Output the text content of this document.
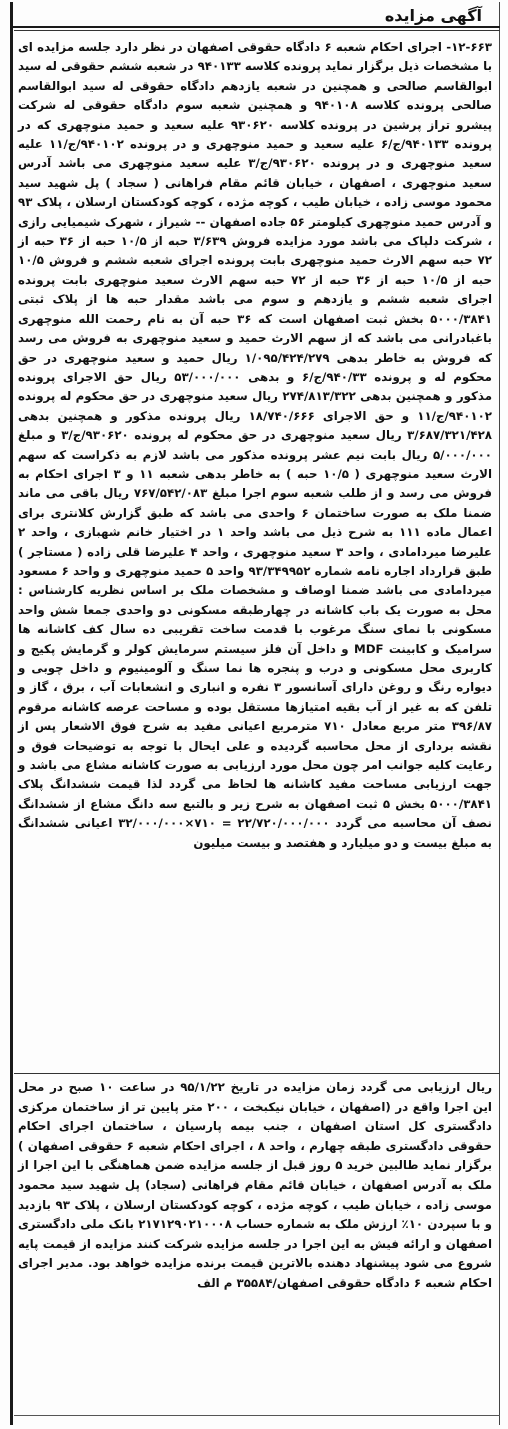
آگهی مزایده
۱۲-۶۶۳- اجرای احکام شعبه ۶ دادگاه حقوقی اصفهان در نظر دارد جلسه مزایده ای با مشخصات ذیل برگزار نماید پرونده کلاسه ۹۴۰۱۳۳ در شعبه ششم حقوقی له سید ابوالقاسم صالحی و همچنین در شعبه یازدهم دادگاه حقوقی له سید ابوالقاسم صالحی پرونده کلاسه ۹۴۰۱۰۸ و همچنین شعبه سوم دادگاه حقوقی له شرکت پیشرو تراز پرشین در پرونده کلاسه ۹۳۰۶۲۰ علیه سعید و حمید منوچهری که در پرونده ۹۴۰۱۳۳/ج/۶ علیه سعید و حمید منوچهری و در پرونده ۹۴۰۱۰۲/ج/۱۱ علیه سعید منوچهری و در پرونده ۹۳۰۶۲۰/ج/۳ علیه سعید منوچهری می باشد آدرس سعید منوچهری ، اصفهان ، خیابان قائم مقام فراهانی ( سجاد ) پل شهید سید محمود موسی زاده ، خیابان طیب ، کوچه مژده ، کوچه کودکستان ارسلان ، پلاک ۹۳ و آدرس حمید منوچهری کیلومتر ۵۶ جاده اصفهان -- شیراز ، شهرک شیمیایی رازی ، شرکت دلپاک می باشد مورد مزایده فروش ۳/۶۳۹ حبه از ۱۰/۵ حبه از ۳۶ حبه از ۷۲ حبه سهم الارث حمید منوچهری بابت پرونده اجرای شعبه ششم و فروش ۱۰/۵ حبه از ۱۰/۵ حبه از ۳۶ حبه از ۷۲ حبه سهم الارث سعید منوچهری بابت پرونده اجرای شعبه ششم و یازدهم و سوم می باشد مقدار حبه ها از پلاک ثبتی ۵۰۰۰/۳۸۴۱ بخش ثبت اصفهان است که ۳۶ حبه آن به نام رحمت الله منوچهری باغبادرانی می باشد که از سهم الارث حمید و سعید منوچهری به فروش می رسد که فروش به خاطر بدهی ۱/۰۹۵/۴۲۴/۲۷۹ ریال حمید و سعید منوچهری در حق محکوم له و پرونده ۹۴۰/۳۳/ج/۶ و بدهی ۵۳/۰۰۰/۰۰۰ ریال حق الاجرای پرونده مذکور و همچنین بدهی ۲۷۴/۸۱۳/۳۲۲ ریال سعید منوچهری در حق محکوم له پرونده ۹۴۰۱۰۲/ج/۱۱ و حق الاجرای ۱۸/۷۴۰/۶۶۶ ریال پرونده مذکور و همچنین بدهی ۳/۶۸۷/۳۲۱/۴۲۸ ریال سعید منوچهری در حق محکوم له پرونده ۹۳۰۶۲۰/ج/۳ و مبلغ ۵/۰۰۰/۰۰۰ ریال بابت نیم عشر پرونده مذکور می باشد لازم به ذکراست که سهم الارث سعید منوچهری ( ۱۰/۵ حبه ) به خاطر بدهی شعبه ۱۱ و ۳ اجرای احکام به فروش می رسد و از طلب شعبه سوم اجرا مبلغ ۷۶۷/۵۴۲/۰۸۳ ریال باقی می ماند ضمنا ملک به صورت ساختمان ۶ واحدی می باشد که طبق گزارش کلانتری برای اعمال ماده ۱۱۱ به شرح ذیل می باشد واحد ۱ در اختیار خانم شهبازی ، واحد ۲ علیرضا میردامادی ، واحد ۳ سعید منوچهری ، واحد ۴ علیرضا قلی زاده ( مستاجر ) طبق قرارداد اجاره نامه شماره ۹۳/۳۴۹۹۵۲ واحد ۵ حمید منوچهری و واحد ۶ مسعود میردامادی می باشد ضمنا اوصاف و مشخصات ملک بر اساس نظریه کارشناس : محل به صورت یک باب کاشانه در چهارطبقه مسکونی دو واحدی جمعا شش واحد مسکونی با نمای سنگ مرغوب با قدمت ساخت تقریبی ده سال کف کاشانه ها سرامیک و کابینت MDF و داخل آن فلز سیستم سرمایش کولر و گرمایش پکیج و کاربری محل مسکونی و درب و پنجره ها نما سنگ و آلومینیوم و داخل چوبی و دیواره رنگ و روغن دارای آسانسور ۳ نفره و انباری و انشعابات آب ، برق ، گاز و تلفن که به غیر از آب بقیه امتیازها مستقل بوده و مساحت عرصه کاشانه مرقوم ۳۹۶/۸۷ متر مربع معادل ۷۱۰ مترمربع اعیانی مفید به شرح فوق الاشعار پس از نقشه برداری از محل محاسبه گردیده و علی ایحال با توجه به توضیحات فوق و رعایت کلیه جوانب امر چون محل مورد ارزیابی به صورت کاشانه مشاع می باشد و جهت ارزیابی مساحت مفید کاشانه ها لحاظ می گردد لذا قیمت ششدانگ پلاک ۵۰۰۰/۳۸۴۱ بخش ۵ ثبت اصفهان به شرح زیر و بالتبع سه دانگ مشاع از ششدانگ نصف آن محاسبه می گردد ۲۲/۷۲۰/۰۰۰/۰۰۰ = ۷۱۰×۳۲/۰۰۰/۰۰۰ اعیانی ششدانگ به مبلغ بیست و دو میلیارد و هفتصد و بیست میلیون
ریال ارزیابی می گردد زمان مزایده در تاریخ ۹۵/۱/۲۲ در ساعت ۱۰ صبح در محل این اجرا واقع در (اصفهان ، خیابان نیکبخت ، ۲۰۰ متر پایین تر از ساختمان مرکزی دادگستری کل استان اصفهان ، جنب بیمه پارسیان ، ساختمان اجرای احکام حقوقی دادگستری طبقه چهارم ، واحد ۸ ، اجرای احکام شعبه ۶ حقوقی اصفهان ) برگزار نماید طالبین خرید ۵ روز قبل از جلسه مزایده ضمن هماهنگی با این اجرا از ملک به آدرس اصفهان ، خیابان قائم مقام فراهانی (سجاد) پل شهید سید محمود موسی زاده ، خیابان طیب ، کوچه مژده ، کوچه کودکستان ارسلان ، پلاک ۹۳ بازدید و با سپردن ۱۰٪ ارزش ملک به شماره حساب ۲۱۷۱۲۹۰۲۱۰۰۰۸ بانک ملی دادگستری اصفهان و ارائه فیش به این اجرا در جلسه مزایده شرکت کنند مزایده از قیمت پایه شروع می شود پیشنهاد دهنده بالاترین قیمت برنده مزایده خواهد بود. مدیر اجرای احکام شعبه ۶ دادگاه حقوقی اصفهان/۳۵۵۸۴ م الف
